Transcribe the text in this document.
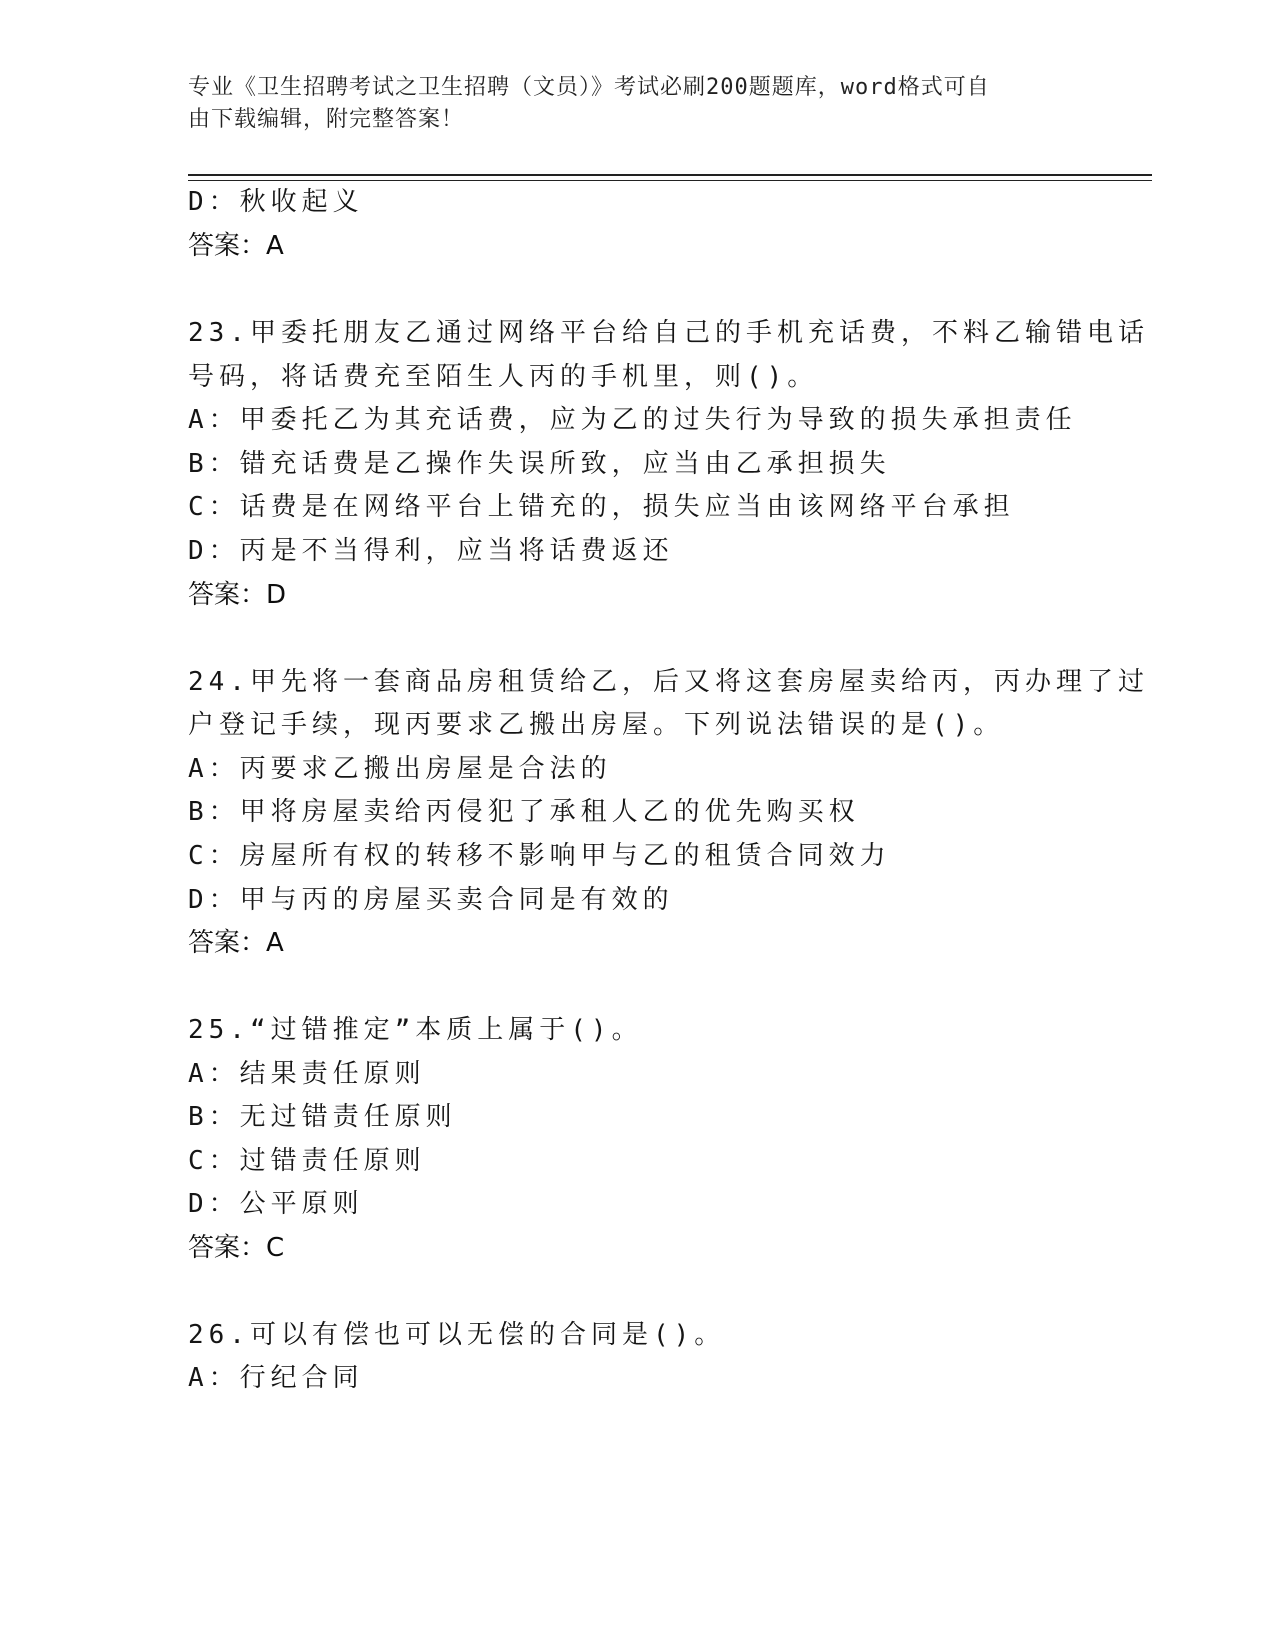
专业《卫生招聘考试之卫生招聘（文员）》考试必刷200题题库，word格式可自
由下载编辑，附完整答案！
D：秋收起义
答案：A
23.甲委托朋友乙通过网络平台给自己的手机充话费，不料乙输错电话
号码，将话费充至陌生人丙的手机里，则()。
A：甲委托乙为其充话费，应为乙的过失行为导致的损失承担责任
B：错充话费是乙操作失误所致，应当由乙承担损失
C：话费是在网络平台上错充的，损失应当由该网络平台承担
D：丙是不当得利，应当将话费返还
答案：D
24.甲先将一套商品房租赁给乙，后又将这套房屋卖给丙，丙办理了过
户登记手续，现丙要求乙搬出房屋。下列说法错误的是()。
A：丙要求乙搬出房屋是合法的
B：甲将房屋卖给丙侵犯了承租人乙的优先购买权
C：房屋所有权的转移不影响甲与乙的租赁合同效力
D：甲与丙的房屋买卖合同是有效的
答案：A
25.“过错推定”本质上属于()。
A：结果责任原则
B：无过错责任原则
C：过错责任原则
D：公平原则
答案：C
26.可以有偿也可以无偿的合同是()。
A：行纪合同
